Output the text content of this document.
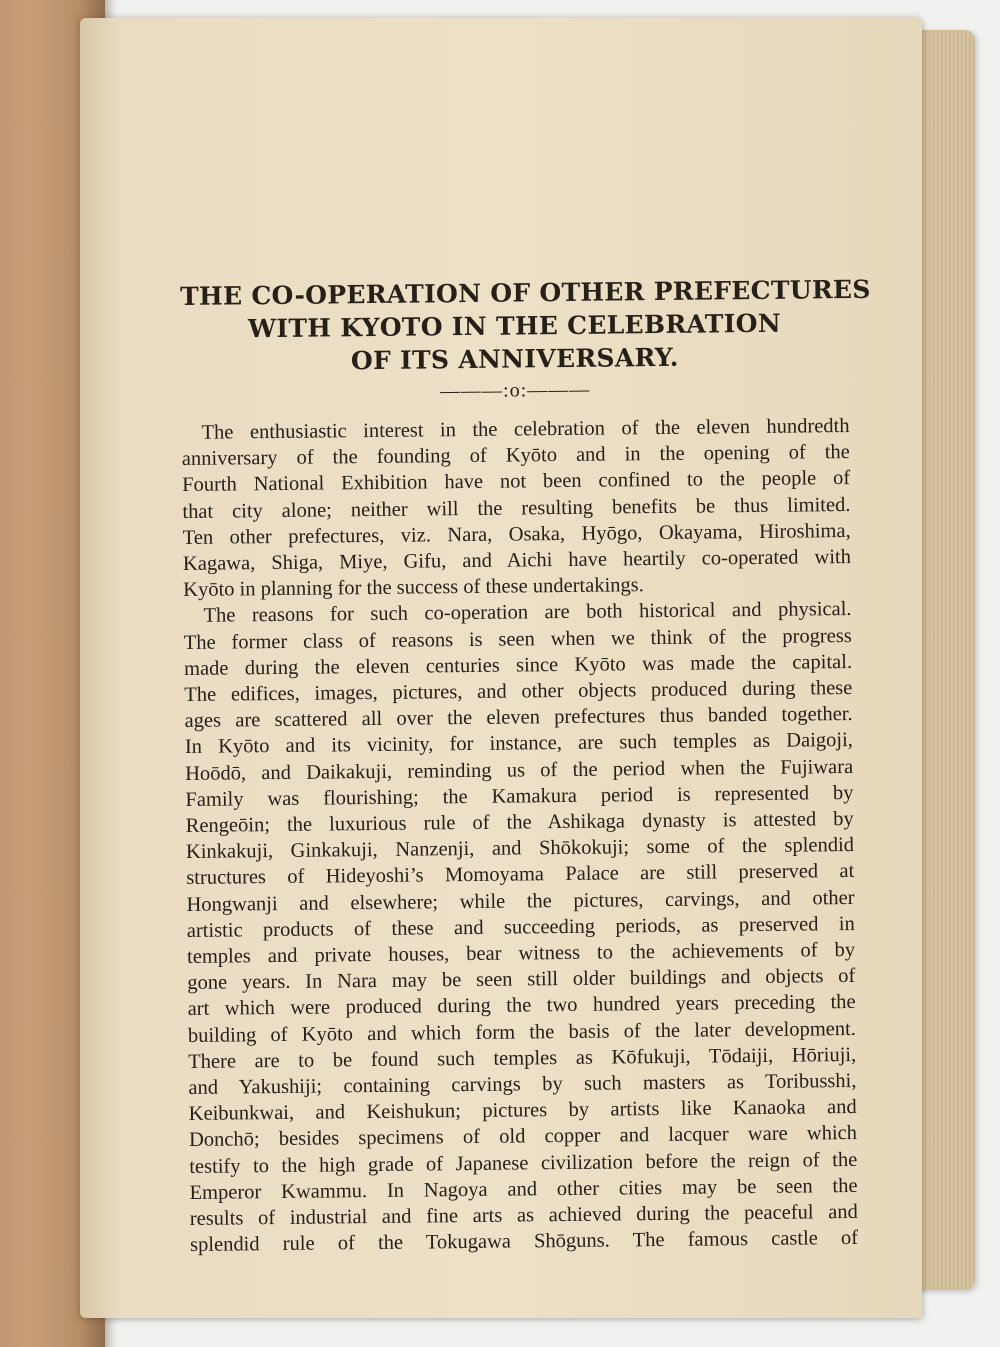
THE CO-OPERATION OF OTHER PREFECTURES
WITH KYOTO IN THE CELEBRATION
OF ITS ANNIVERSARY.
———:o:———

The enthusiastic interest in the celebration of the eleven hundredth
anniversary of the founding of Kyōto and in the opening of the
Fourth National Exhibition have not been confined to the people of
that city alone; neither will the resulting benefits be thus limited.
Ten other prefectures, viz. Nara, Osaka, Hyōgo, Okayama, Hiroshima,
Kagawa, Shiga, Miye, Gifu, and Aichi have heartily co-operated with
Kyōto in planning for the success of these undertakings.

The reasons for such co-operation are both historical and physical.
The former class of reasons is seen when we think of the progress
made during the eleven centuries since Kyōto was made the capital.
The edifices, images, pictures, and other objects produced during these
ages are scattered all over the eleven prefectures thus banded together.
In Kyōto and its vicinity, for instance, are such temples as Daigoji,
Hoōdō, and Daikakuji, reminding us of the period when the Fujiwara
Family was flourishing; the Kamakura period is represented by
Rengeōin; the luxurious rule of the Ashikaga dynasty is attested by
Kinkakuji, Ginkakuji, Nanzenji, and Shōkokuji; some of the splendid
structures of Hideyoshi’s Momoyama Palace are still preserved at
Hongwanji and elsewhere; while the pictures, carvings, and other
artistic products of these and succeeding periods, as preserved in
temples and private houses, bear witness to the achievements of by
gone years. In Nara may be seen still older buildings and objects of
art which were produced during the two hundred years preceding the
building of Kyōto and which form the basis of the later development.
There are to be found such temples as Kōfukuji, Tōdaiji, Hōriuji,
and Yakushiji; containing carvings by such masters as Toribusshi,
Keibunkwai, and Keishukun; pictures by artists like Kanaoka and
Donchō; besides specimens of old copper and lacquer ware which
testify to the high grade of Japanese civilization before the reign of the
Emperor Kwammu. In Nagoya and other cities may be seen the
results of industrial and fine arts as achieved during the peaceful and
splendid rule of the Tokugawa Shōguns. The famous castle of
